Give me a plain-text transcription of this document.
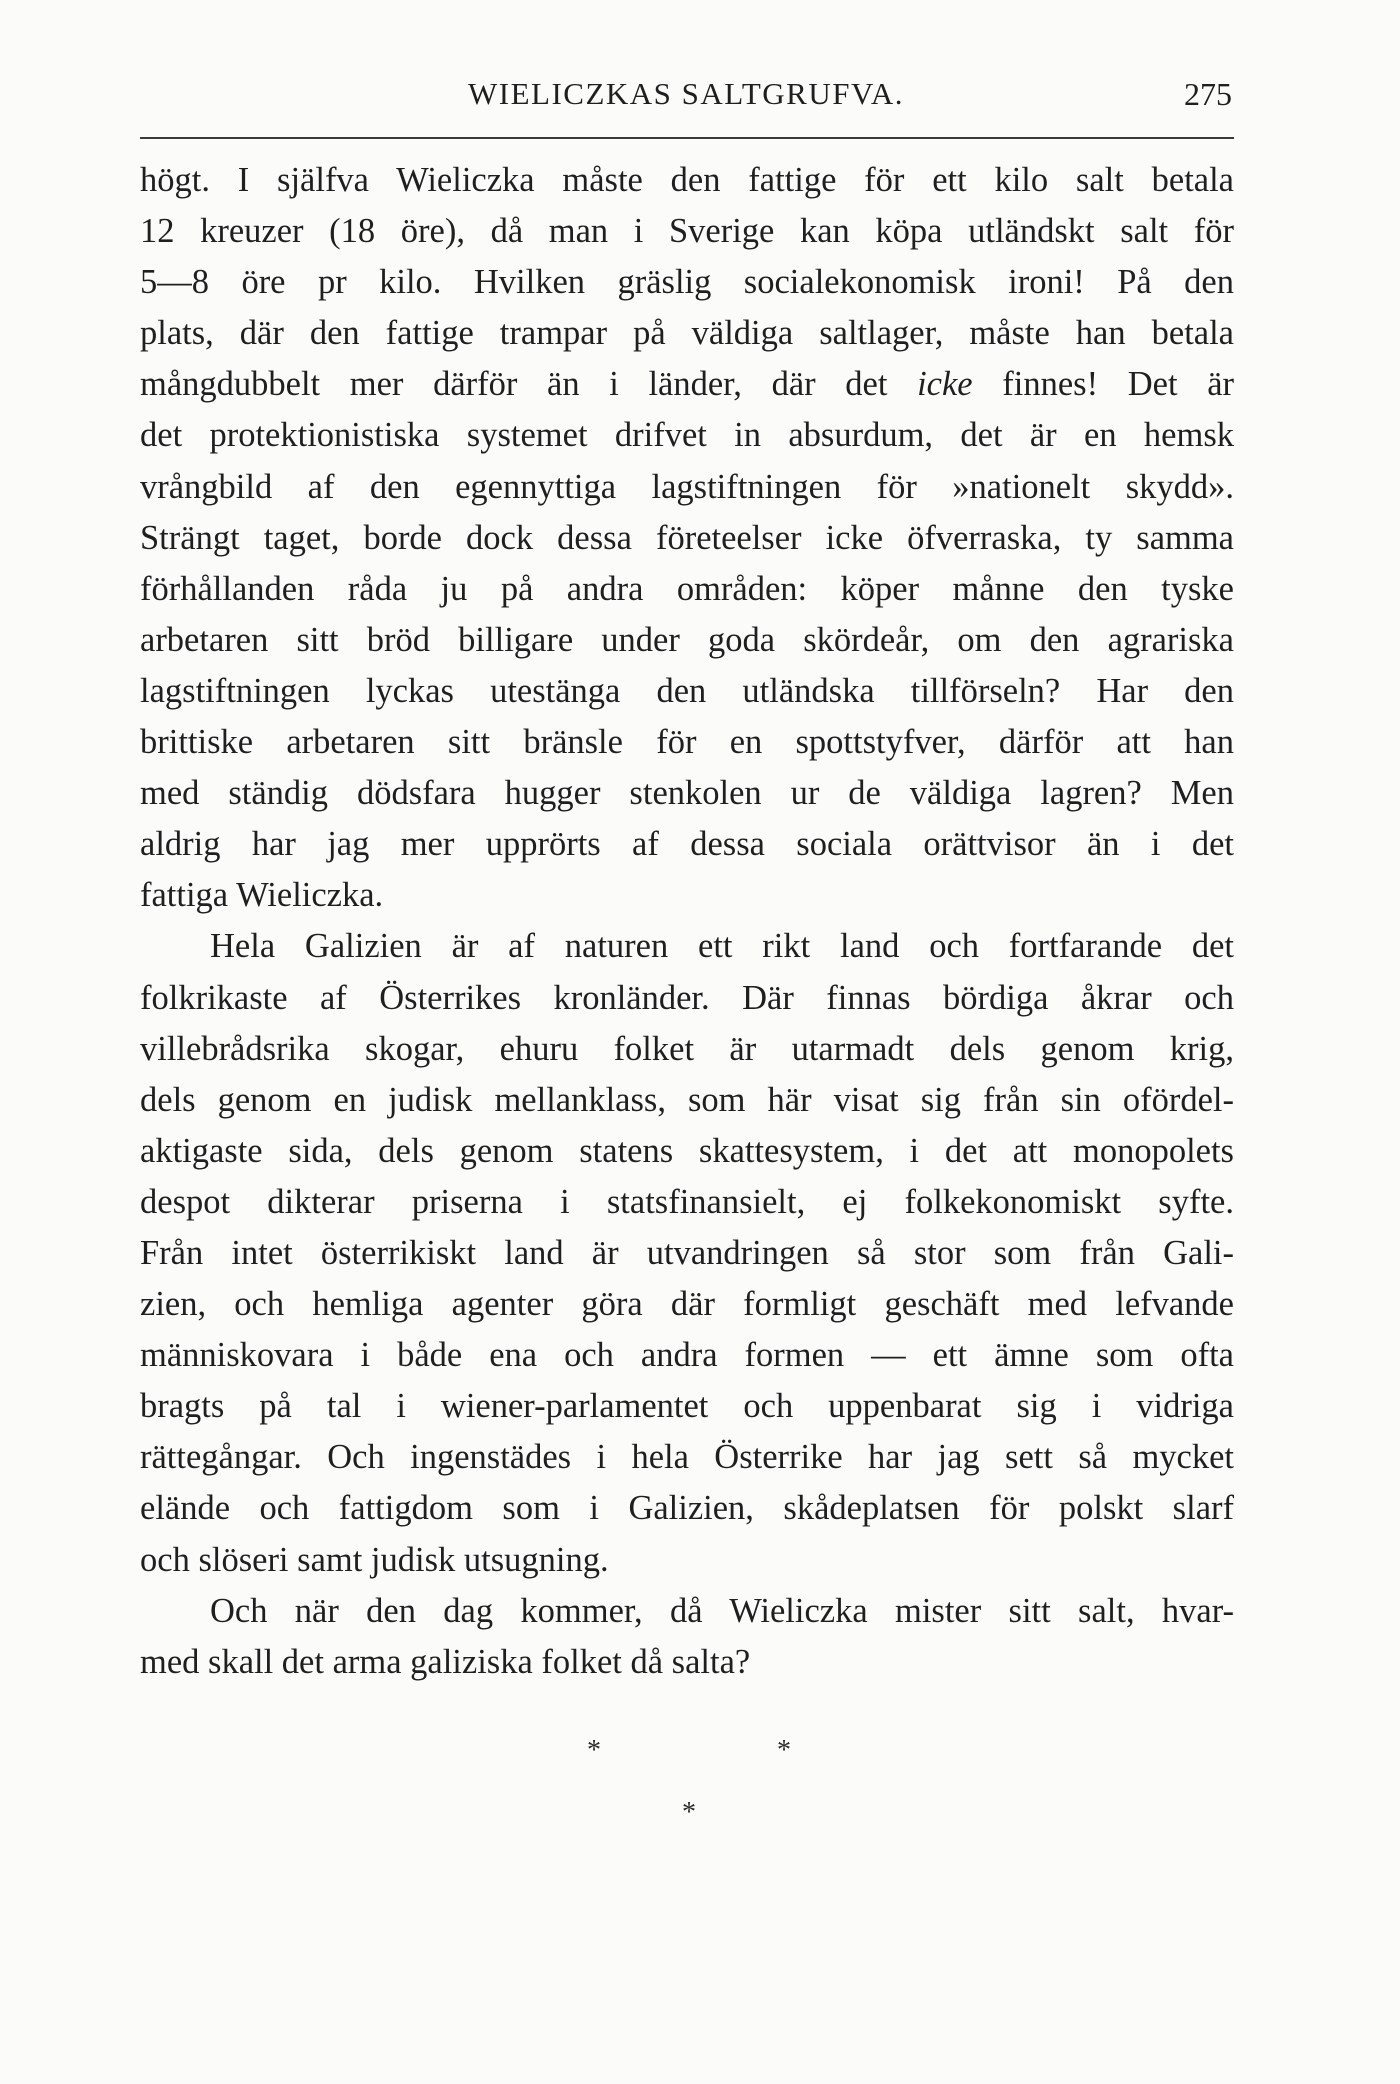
WIELICZKAS SALTGRUFVA.	275
högt. I själfva Wieliczka måste den fattige för ett kilo salt betala
12 kreuzer (18 öre), då man i Sverige kan köpa utländskt salt för
5—8 öre pr kilo. Hvilken gräslig socialekonomisk ironi! På den
plats, där den fattige trampar på väldiga saltlager, måste han betala
mångdubbelt mer därför än i länder, där det icke finnes! Det är
det protektionistiska systemet drifvet in absurdum, det är en hemsk
vrångbild af den egennyttiga lagstiftningen för »nationelt skydd».
Strängt taget, borde dock dessa företeelser icke öfverraska, ty samma
förhållanden råda ju på andra områden: köper månne den tyske
arbetaren sitt bröd billigare under goda skördeår, om den agrariska
lagstiftningen lyckas utestänga den utländska tillförseln? Har den
brittiske arbetaren sitt bränsle för en spottstyfver, därför att han
med ständig dödsfara hugger stenkolen ur de väldiga lagren? Men
aldrig har jag mer upprörts af dessa sociala orättvisor än i det
fattiga Wieliczka.
Hela Galizien är af naturen ett rikt land och fortfarande det
folkrikaste af Österrikes kronländer. Där finnas bördiga åkrar och
villebrådsrika skogar, ehuru folket är utarmadt dels genom krig,
dels genom en judisk mellanklass, som här visat sig från sin ofördel-
aktigaste sida, dels genom statens skattesystem, i det att monopolets
despot dikterar priserna i statsfinansielt, ej folkekonomiskt syfte.
Från intet österrikiskt land är utvandringen så stor som från Gali-
zien, och hemliga agenter göra där formligt geschäft med lefvande
människovara i både ena och andra formen — ett ämne som ofta
bragts på tal i wiener-parlamentet och uppenbarat sig i vidriga
rättegångar. Och ingenstädes i hela Österrike har jag sett så mycket
elände och fattigdom som i Galizien, skådeplatsen för polskt slarf
och slöseri samt judisk utsugning.
Och när den dag kommer, då Wieliczka mister sitt salt, hvar-
med skall det arma galiziska folket då salta?
*	*
*
